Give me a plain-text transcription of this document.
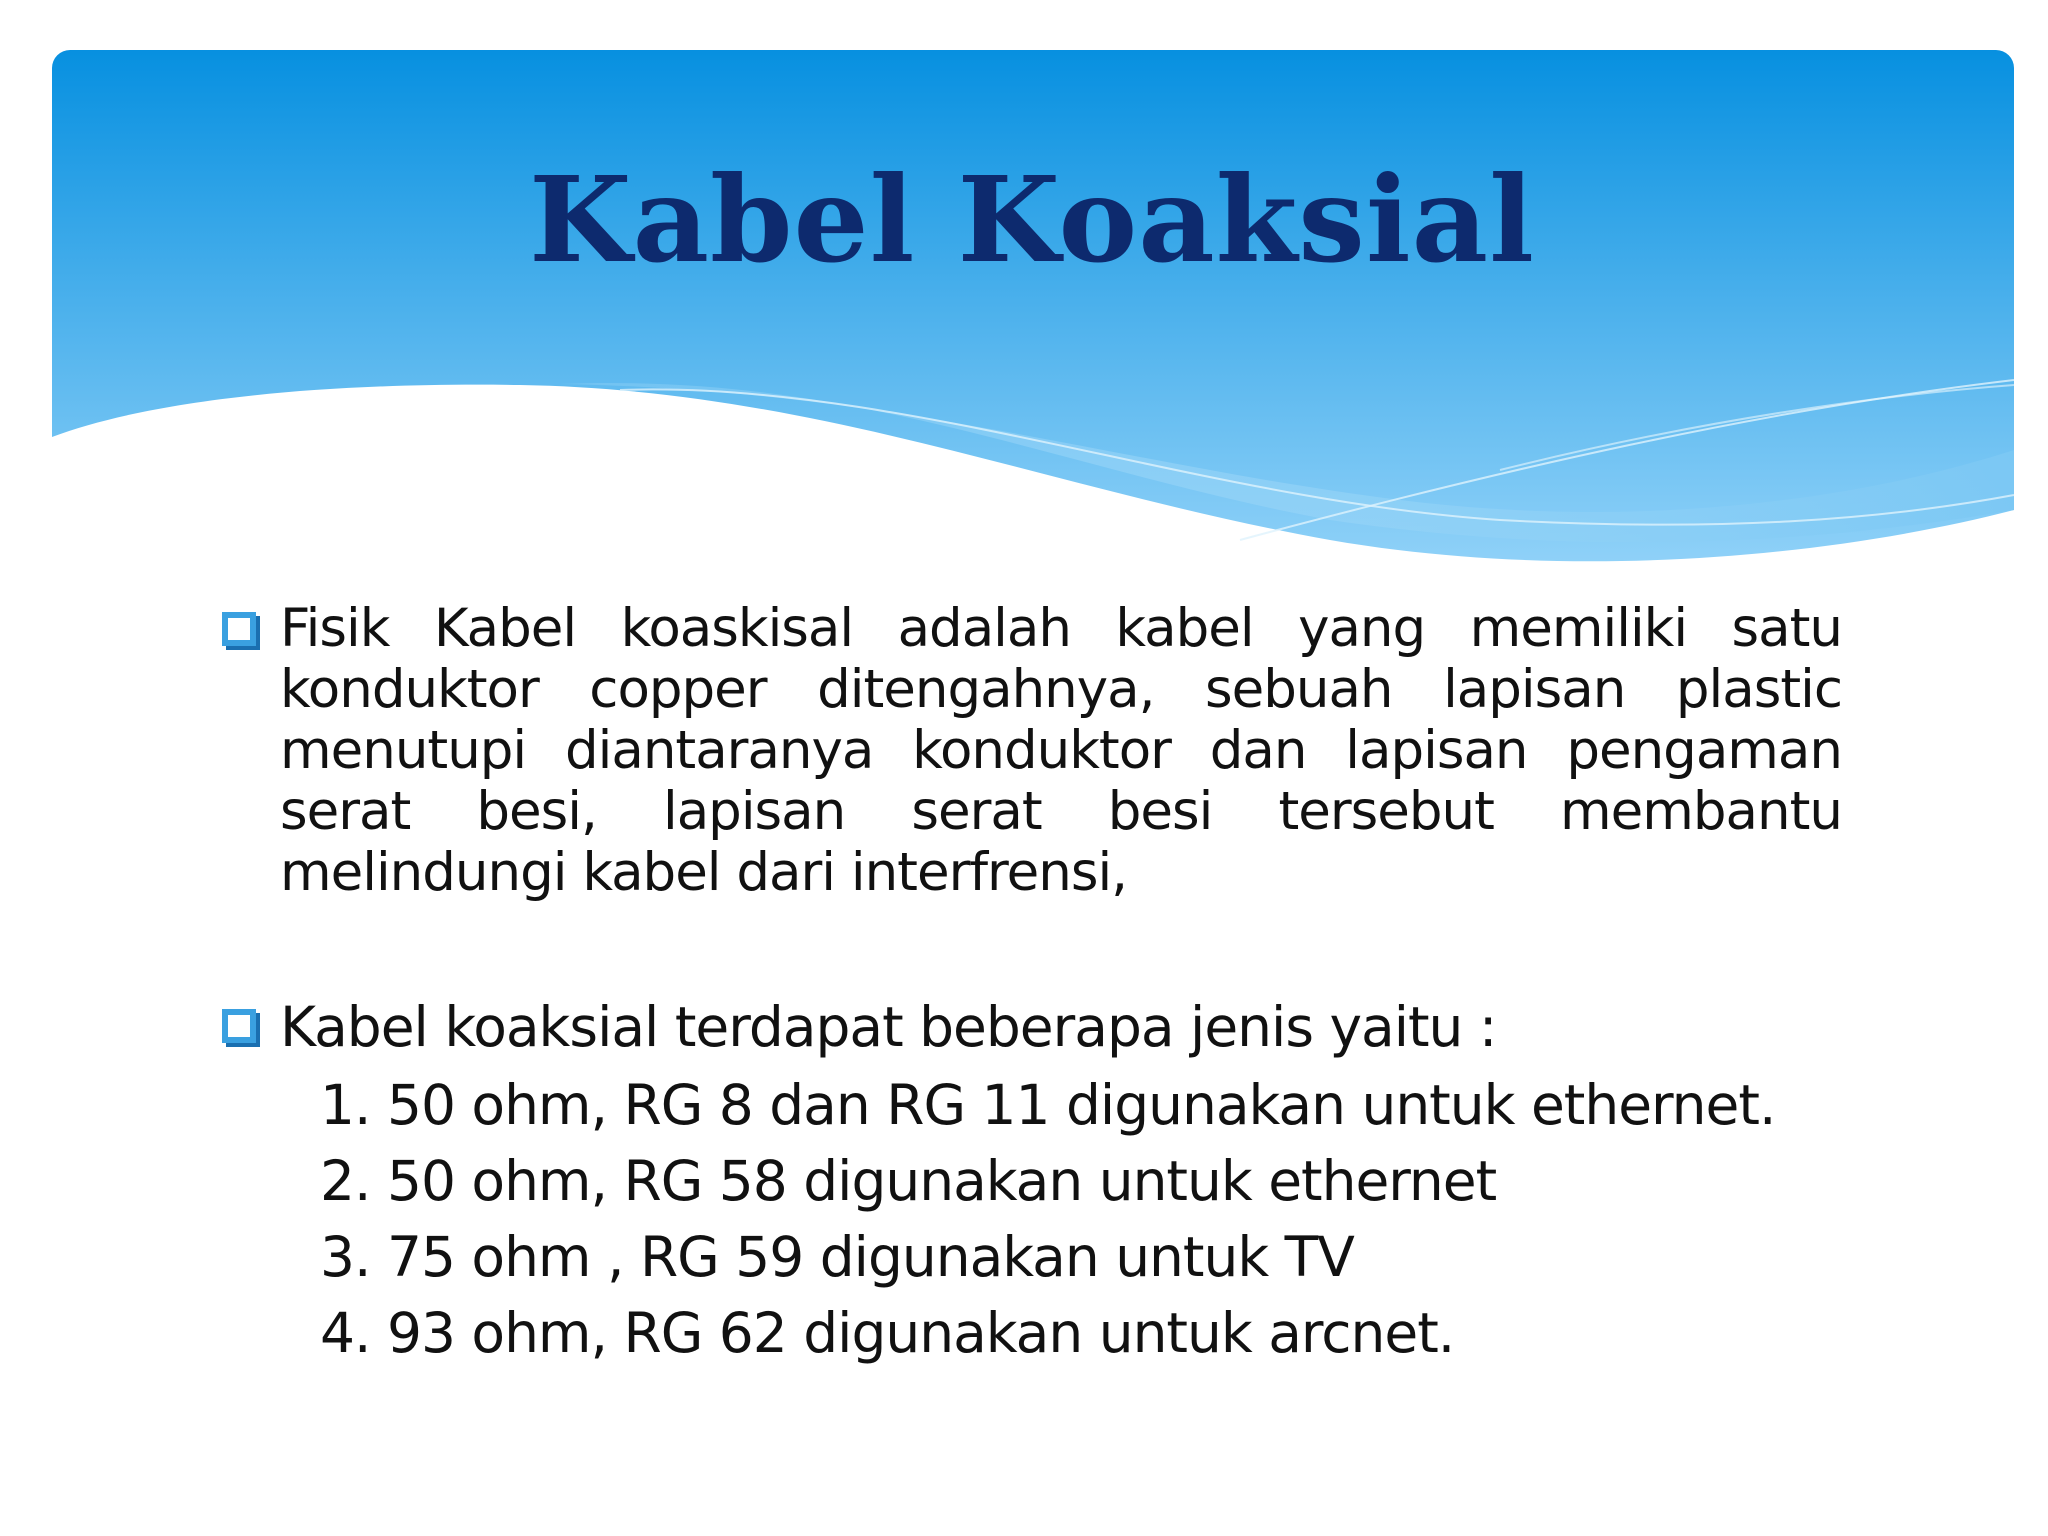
Kabel Koaksial

Fisik Kabel koaskisal adalah kabel yang memiliki satu konduktor copper ditengahnya, sebuah lapisan plastic menutupi diantaranya konduktor dan lapisan pengaman serat besi, lapisan serat besi tersebut membantu melindungi kabel dari interfrensi,

Kabel koaksial terdapat beberapa jenis yaitu :

1. 50 ohm, RG 8 dan RG 11 digunakan untuk ethernet.
2. 50 ohm, RG 58 digunakan untuk ethernet
3. 75 ohm , RG 59 digunakan untuk TV
4. 93 ohm, RG 62 digunakan untuk arcnet.
